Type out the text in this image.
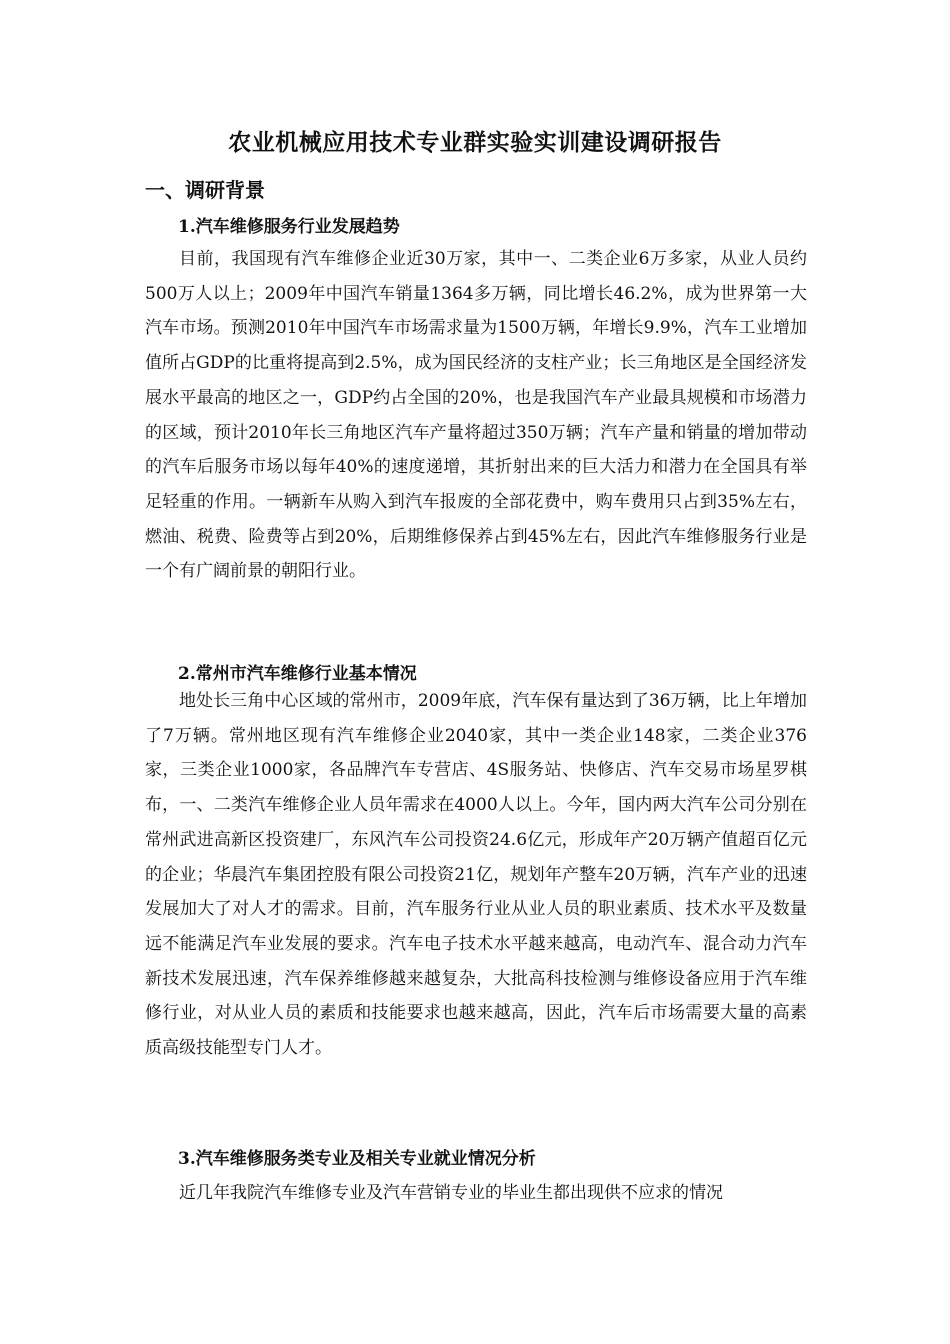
农业机械应用技术专业群实验实训建设调研报告
一、调研背景
1.汽车维修服务行业发展趋势

目前，我国现有汽车维修企业近30万家，其中一、二类企业6万多家，从业人员约500万人以上；2009年中国汽车销量1364多万辆，同比增长46.2%，成为世界第一大汽车市场。预测2010年中国汽车市场需求量为1500万辆，年增长9.9%，汽车工业增加值所占GDP的比重将提高到2.5%，成为国民经济的支柱产业；长三角地区是全国经济发展水平最高的地区之一，GDP约占全国的20%，也是我国汽车产业最具规模和市场潜力的区域，预计2010年长三角地区汽车产量将超过350万辆；汽车产量和销量的增加带动的汽车后服务市场以每年40%的速度递增，其折射出来的巨大活力和潜力在全国具有举足轻重的作用。一辆新车从购入到汽车报废的全部花费中，购车费用只占到35%左右，燃油、税费、险费等占到20%，后期维修保养占到45%左右，因此汽车维修服务行业是一个有广阔前景的朝阳行业。

2.常州市汽车维修行业基本情况

地处长三角中心区域的常州市，2009年底，汽车保有量达到了36万辆，比上年增加了7万辆。常州地区现有汽车维修企业2040家，其中一类企业148家，二类企业376家，三类企业1000家，各品牌汽车专营店、4S服务站、快修店、汽车交易市场星罗棋布，一、二类汽车维修企业人员年需求在4000人以上。今年，国内两大汽车公司分别在常州武进高新区投资建厂，东风汽车公司投资24.6亿元，形成年产20万辆产值超百亿元的企业；华晨汽车集团控股有限公司投资21亿，规划年产整车20万辆，汽车产业的迅速发展加大了对人才的需求。目前，汽车服务行业从业人员的职业素质、技术水平及数量远不能满足汽车业发展的要求。汽车电子技术水平越来越高，电动汽车、混合动力汽车新技术发展迅速，汽车保养维修越来越复杂，大批高科技检测与维修设备应用于汽车维修行业，对从业人员的素质和技能要求也越来越高，因此，汽车后市场需要大量的高素质高级技能型专门人才。

3.汽车维修服务类专业及相关专业就业情况分析

近几年我院汽车维修专业及汽车营销专业的毕业生都出现供不应求的情况
